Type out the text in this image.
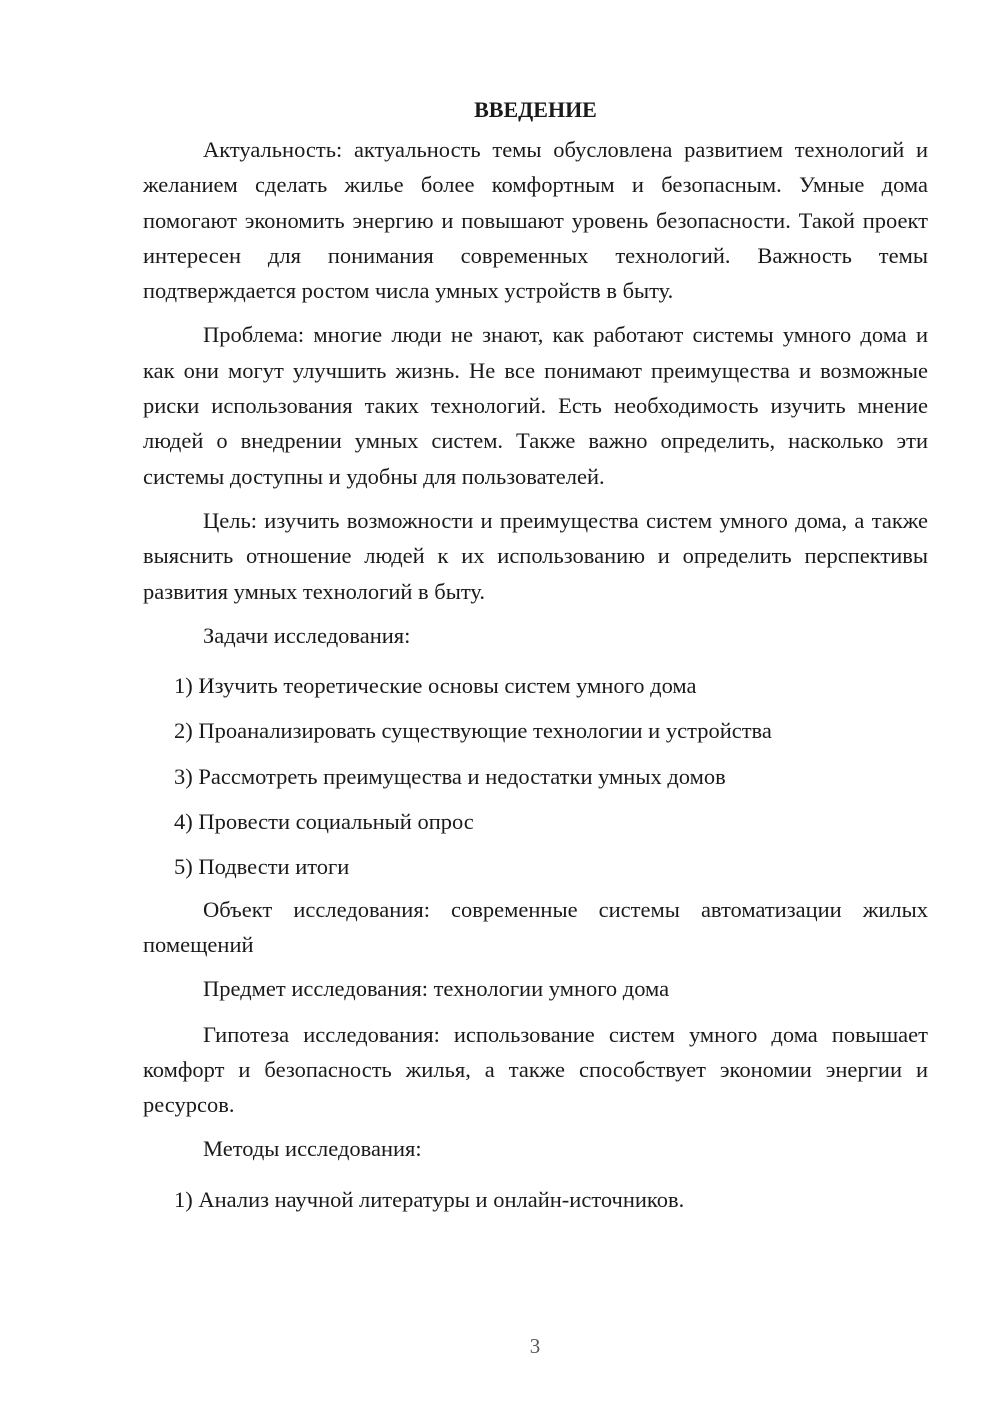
ВВЕДЕНИЕ

Актуальность: актуальность темы обусловлена развитием технологий и желанием сделать жилье более комфортным и безопасным. Умные дома помогают экономить энергию и повышают уровень безопасности. Такой проект интересен для понимания современных технологий. Важность темы подтверждается ростом числа умных устройств в быту.

Проблема: многие люди не знают, как работают системы умного дома и как они могут улучшить жизнь. Не все понимают преимущества и возможные риски использования таких технологий. Есть необходимость изучить мнение людей о внедрении умных систем. Также важно определить, насколько эти системы доступны и удобны для пользователей.

Цель: изучить возможности и преимущества систем умного дома, а также выяснить отношение людей к их использованию и определить перспективы развития умных технологий в быту.

Задачи исследования:

1) Изучить теоретические основы систем умного дома
2) Проанализировать существующие технологии и устройства
3) Рассмотреть преимущества и недостатки умных домов
4) Провести социальный опрос
5) Подвести итоги

Объект исследования: современные системы автоматизации жилых помещений

Предмет исследования: технологии умного дома

Гипотеза исследования: использование систем умного дома повышает комфорт и безопасность жилья, а также способствует экономии энергии и ресурсов.

Методы исследования:

1) Анализ научной литературы и онлайн-источников.
3
